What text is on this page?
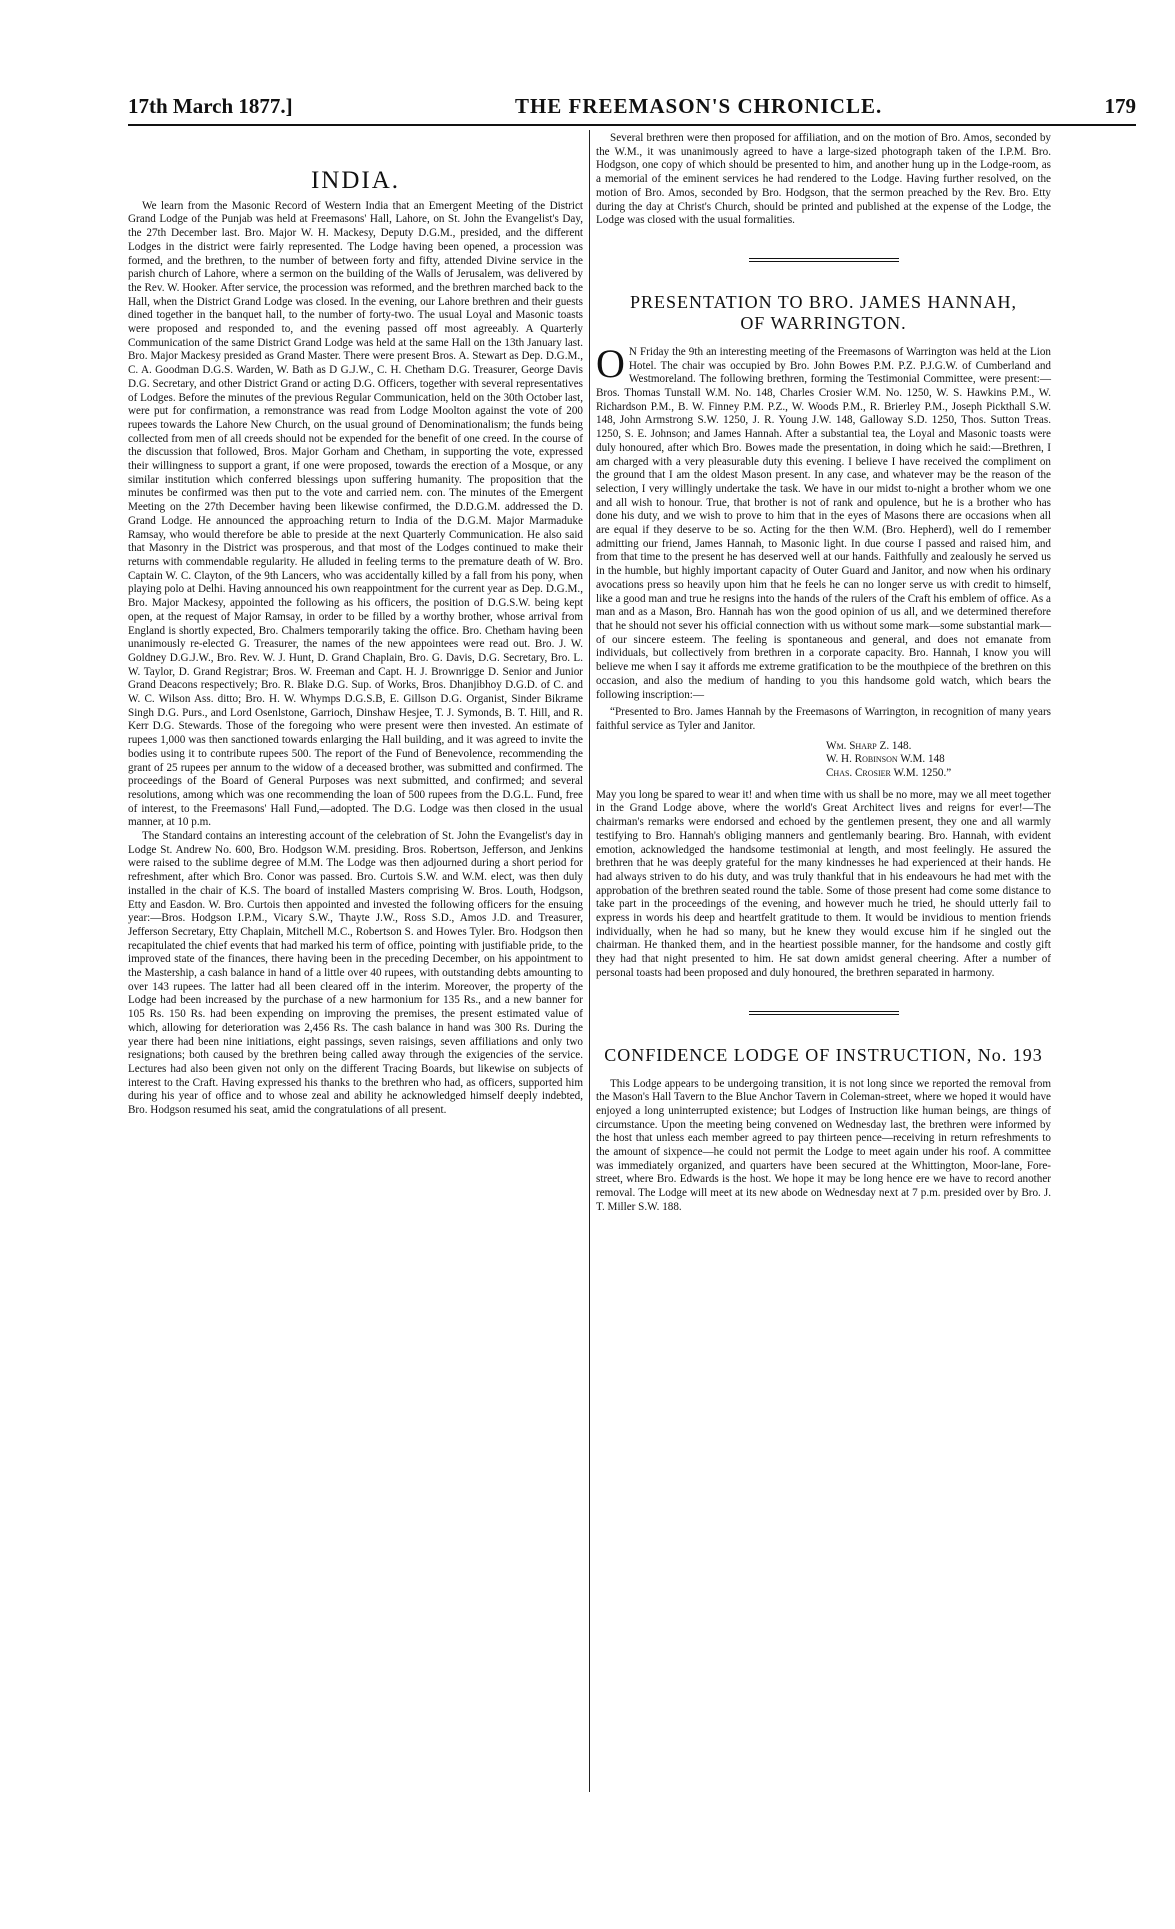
17th March 1877.]	THE FREEMASON'S CHRONICLE.	179
INDIA.

We learn from the Masonic Record of Western India that an Emergent Meeting of the District Grand Lodge of the Punjab was held at Freemasons' Hall, Lahore, on St. John the Evangelist's Day, the 27th December last. Bro. Major W. H. Mackesy, Deputy D.G.M., presided, and the different Lodges in the district were fairly represented. The Lodge having been opened, a procession was formed, and the brethren, to the number of between forty and fifty, attended Divine service in the parish church of Lahore, where a sermon on the building of the Walls of Jerusalem, was delivered by the Rev. W. Hooker. After service, the procession was reformed, and the brethren marched back to the Hall, when the District Grand Lodge was closed. In the evening, our Lahore brethren and their guests dined together in the banquet hall, to the number of forty-two. The usual Loyal and Masonic toasts were proposed and responded to, and the evening passed off most agreeably. A Quarterly Communication of the same District Grand Lodge was held at the same Hall on the 13th January last. Bro. Major Mackesy presided as Grand Master. There were present Bros. A. Stewart as Dep. D.G.M., C. A. Goodman D.G.S. Warden, W. Bath as D G.J.W., C. H. Chetham D.G. Treasurer, George Davis D.G. Secretary, and other District Grand or acting D.G. Officers, together with several representatives of Lodges. Before the minutes of the previous Regular Communication, held on the 30th October last, were put for confirmation, a remonstrance was read from Lodge Moolton against the vote of 200 rupees towards the Lahore New Church, on the usual ground of Denominationalism; the funds being collected from men of all creeds should not be expended for the benefit of one creed. In the course of the discussion that followed, Bros. Major Gorham and Chetham, in supporting the vote, expressed their willingness to support a grant, if one were proposed, towards the erection of a Mosque, or any similar institution which conferred blessings upon suffering humanity. The proposition that the minutes be confirmed was then put to the vote and carried nem. con. The minutes of the Emergent Meeting on the 27th December having been likewise confirmed, the D.D.G.M. addressed the D. Grand Lodge. He announced the approaching return to India of the D.G.M. Major Marmaduke Ramsay, who would therefore be able to preside at the next Quarterly Communication. He also said that Masonry in the District was prosperous, and that most of the Lodges continued to make their returns with commendable regularity. He alluded in feeling terms to the premature death of W. Bro. Captain W. C. Clayton, of the 9th Lancers, who was accidentally killed by a fall from his pony, when playing polo at Delhi. Having announced his own reappointment for the current year as Dep. D.G.M., Bro. Major Mackesy, appointed the following as his officers, the position of D.G.S.W. being kept open, at the request of Major Ramsay, in order to be filled by a worthy brother, whose arrival from England is shortly expected, Bro. Chalmers temporarily taking the office. Bro. Chetham having been unanimously re-elected G. Treasurer, the names of the new appointees were read out. Bro. J. W. Goldney D.G.J.W., Bro. Rev. W. J. Hunt, D. Grand Chaplain, Bro. G. Davis, D.G. Secretary, Bro. L. W. Taylor, D. Grand Registrar; Bros. W. Freeman and Capt. H. J. Brownrigge D. Senior and Junior Grand Deacons respectively; Bro. R. Blake D.G. Sup. of Works, Bros. Dhanjibhoy D.G.D. of C. and W. C. Wilson Ass. ditto; Bro. H. W. Whymps D.G.S.B, E. Gillson D.G. Organist, Sinder Bikrame Singh D.G. Purs., and Lord Osenlstone, Garrioch, Dinshaw Hesjee, T. J. Symonds, B. T. Hill, and R. Kerr D.G. Stewards. Those of the foregoing who were present were then invested. An estimate of rupees 1,000 was then sanctioned towards enlarging the Hall building, and it was agreed to invite the bodies using it to contribute rupees 500. The report of the Fund of Benevolence, recommending the grant of 25 rupees per annum to the widow of a deceased brother, was submitted and confirmed. The proceedings of the Board of General Purposes was next submitted, and confirmed; and several resolutions, among which was one recommending the loan of 500 rupees from the D.G.L. Fund, free of interest, to the Freemasons' Hall Fund,—adopted. The D.G. Lodge was then closed in the usual manner, at 10 p.m.

The Standard contains an interesting account of the celebration of St. John the Evangelist's day in Lodge St. Andrew No. 600, Bro. Hodgson W.M. presiding. Bros. Robertson, Jefferson, and Jenkins were raised to the sublime degree of M.M. The Lodge was then adjourned during a short period for refreshment, after which Bro. Conor was passed. Bro. Curtois S.W. and W.M. elect, was then duly installed in the chair of K.S. The board of installed Masters comprising W. Bros. Louth, Hodgson, Etty and Easdon. W. Bro. Curtois then appointed and invested the following officers for the ensuing year:—Bros. Hodgson I.P.M., Vicary S.W., Thayte J.W., Ross S.D., Amos J.D. and Treasurer, Jefferson Secretary, Etty Chaplain, Mitchell M.C., Robertson S. and Howes Tyler. Bro. Hodgson then recapitulated the chief events that had marked his term of office, pointing with justifiable pride, to the improved state of the finances, there having been in the preceding December, on his appointment to the Mastership, a cash balance in hand of a little over 40 rupees, with outstanding debts amounting to over 143 rupees. The latter had all been cleared off in the interim. Moreover, the property of the Lodge had been increased by the purchase of a new harmonium for 135 Rs., and a new banner for 105 Rs. 150 Rs. had been expending on improving the premises, the present estimated value of which, allowing for deterioration was 2,456 Rs. The cash balance in hand was 300 Rs. During the year there had been nine initiations, eight passings, seven raisings, seven affiliations and only two resignations; both caused by the brethren being called away through the exigencies of the service. Lectures had also been given not only on the different Tracing Boards, but likewise on subjects of interest to the Craft. Having expressed his thanks to the brethren who had, as officers, supported him during his year of office and to whose zeal and ability he acknowledged himself deeply indebted, Bro. Hodgson resumed his seat, amid the congratulations of all present.

Several brethren were then proposed for affiliation, and on the motion of Bro. Amos, seconded by the W.M., it was unanimously agreed to have a large-sized photograph taken of the I.P.M. Bro. Hodgson, one copy of which should be presented to him, and another hung up in the Lodge-room, as a memorial of the eminent services he had rendered to the Lodge. Having further resolved, on the motion of Bro. Amos, seconded by Bro. Hodgson, that the sermon preached by the Rev. Bro. Etty during the day at Christ's Church, should be printed and published at the expense of the Lodge, the Lodge was closed with the usual formalities.

PRESENTATION TO BRO. JAMES HANNAH,
OF WARRINGTON.

O N Friday the 9th an interesting meeting of the Freemasons of Warrington was held at the Lion Hotel. The chair was occupied by Bro. John Bowes P.M. P.Z. P.J.G.W. of Cumberland and Westmoreland. The following brethren, forming the Testimonial Committee, were present:—Bros. Thomas Tunstall W.M. No. 148, Charles Crosier W.M. No. 1250, W. S. Hawkins P.M., W. Richardson P.M., B. W. Finney P.M. P.Z., W. Woods P.M., R. Brierley P.M., Joseph Pickthall S.W. 148, John Armstrong S.W. 1250, J. R. Young J.W. 148, Galloway S.D. 1250, Thos. Sutton Treas. 1250, S. E. Johnson; and James Hannah. After a substantial tea, the Loyal and Masonic toasts were duly honoured, after which Bro. Bowes made the presentation, in doing which he said:—Brethren, I am charged with a very pleasurable duty this evening. I believe I have received the compliment on the ground that I am the oldest Mason present. In any case, and whatever may be the reason of the selection, I very willingly undertake the task. We have in our midst to-night a brother whom we one and all wish to honour. True, that brother is not of rank and opulence, but he is a brother who has done his duty, and we wish to prove to him that in the eyes of Masons there are occasions when all are equal if they deserve to be so. Acting for the then W.M. (Bro. Hepherd), well do I remember admitting our friend, James Hannah, to Masonic light. In due course I passed and raised him, and from that time to the present he has deserved well at our hands. Faithfully and zealously he served us in the humble, but highly important capacity of Outer Guard and Janitor, and now when his ordinary avocations press so heavily upon him that he feels he can no longer serve us with credit to himself, like a good man and true he resigns into the hands of the rulers of the Craft his emblem of office. As a man and as a Mason, Bro. Hannah has won the good opinion of us all, and we determined therefore that he should not sever his official connection with us without some mark—some substantial mark—of our sincere esteem. The feeling is spontaneous and general, and does not emanate from individuals, but collectively from brethren in a corporate capacity. Bro. Hannah, I know you will believe me when I say it affords me extreme gratification to be the mouthpiece of the brethren on this occasion, and also the medium of handing to you this handsome gold watch, which bears the following inscription:—

“Presented to Bro. James Hannah by the Freemasons of Warrington, in recognition of many years faithful service as Tyler and Janitor.

Wm. Sharp Z. 148.
W. H. Robinson W.M. 148
Chas. Crosier W.M. 1250.”

May you long be spared to wear it! and when time with us shall be no more, may we all meet together in the Grand Lodge above, where the world's Great Architect lives and reigns for ever!—The chairman's remarks were endorsed and echoed by the gentlemen present, they one and all warmly testifying to Bro. Hannah's obliging manners and gentlemanly bearing. Bro. Hannah, with evident emotion, acknowledged the handsome testimonial at length, and most feelingly. He assured the brethren that he was deeply grateful for the many kindnesses he had experienced at their hands. He had always striven to do his duty, and was truly thankful that in his endeavours he had met with the approbation of the brethren seated round the table. Some of those present had come some distance to take part in the proceedings of the evening, and however much he tried, he should utterly fail to express in words his deep and heartfelt gratitude to them. It would be invidious to mention friends individually, when he had so many, but he knew they would excuse him if he singled out the chairman. He thanked them, and in the heartiest possible manner, for the handsome and costly gift they had that night presented to him. He sat down amidst general cheering. After a number of personal toasts had been proposed and duly honoured, the brethren separated in harmony.

CONFIDENCE LODGE OF INSTRUCTION, No. 193

This Lodge appears to be undergoing transition, it is not long since we reported the removal from the Mason's Hall Tavern to the Blue Anchor Tavern in Coleman-street, where we hoped it would have enjoyed a long uninterrupted existence; but Lodges of Instruction like human beings, are things of circumstance. Upon the meeting being convened on Wednesday last, the brethren were informed by the host that unless each member agreed to pay thirteen pence—receiving in return refreshments to the amount of sixpence—he could not permit the Lodge to meet again under his roof. A committee was immediately organized, and quarters have been secured at the Whittington, Moor-lane, Fore-street, where Bro. Edwards is the host. We hope it may be long hence ere we have to record another removal. The Lodge will meet at its new abode on Wednesday next at 7 p.m. presided over by Bro. J. T. Miller S.W. 188.
